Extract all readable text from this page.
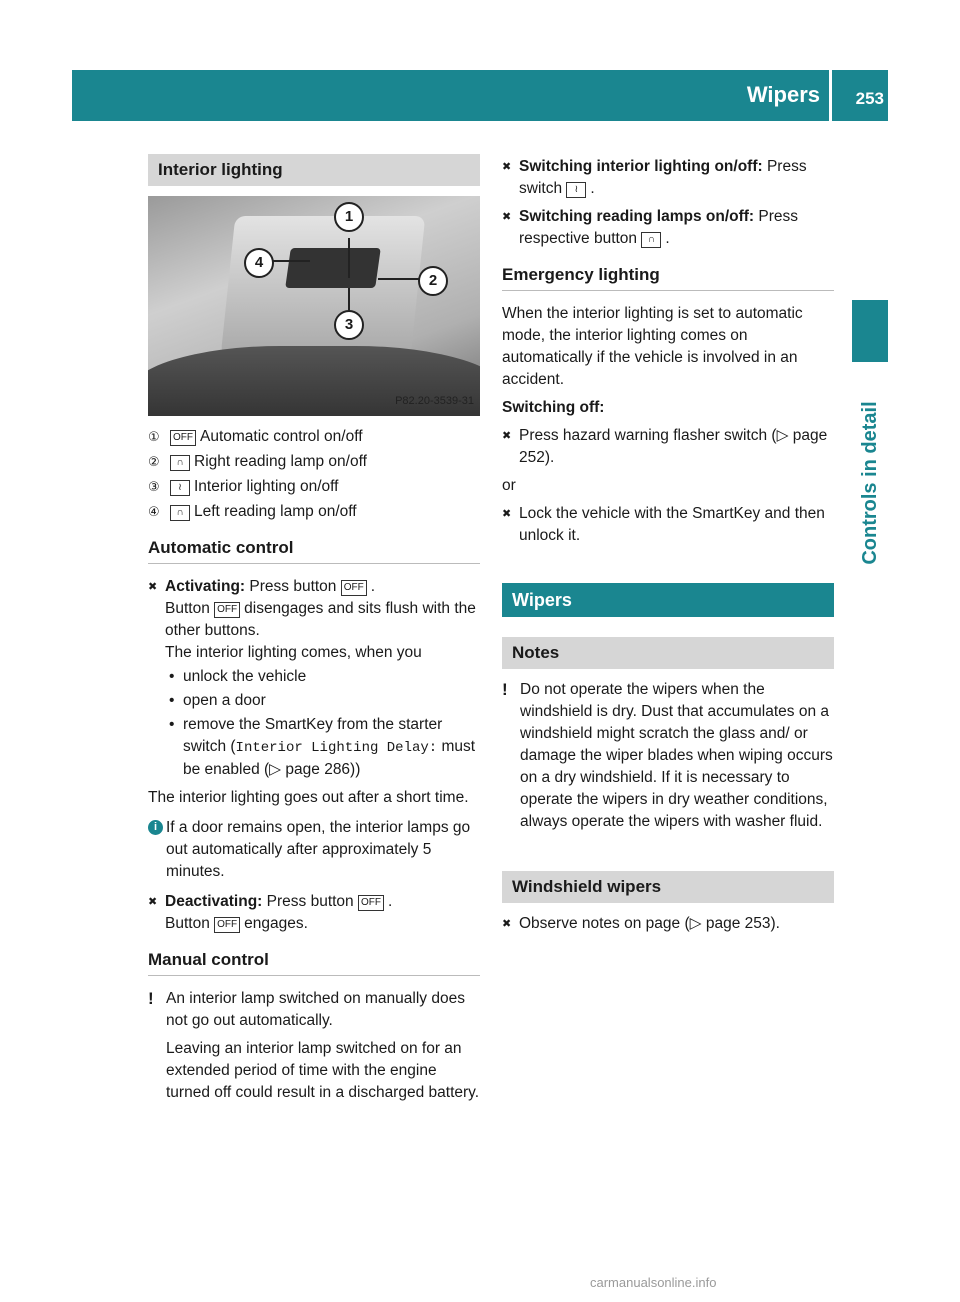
Wipers 253
Controls in detail
Interior lighting
1
2
3
4
P82.20-3539-31
① OFF Automatic control on/off
② ∩ Right reading lamp on/off
③ ≀ Interior lighting on/off
④ ∩ Left reading lamp on/off
Automatic control
✖ Activating: Press button OFF .
Button OFF disengages and sits flush with the other buttons.
The interior lighting comes, when you
• unlock the vehicle
• open a door
• remove the SmartKey from the starter switch (Interior Lighting Delay: must be enabled (▷ page 286))

The interior lighting goes out after a short time.

i If a door remains open, the interior lamps go out automatically after approximately 5 minutes.
✖ Deactivating: Press button OFF .
Button OFF engages.
Manual control
! An interior lamp switched on manually does not go out automatically.

Leaving an interior lamp switched on for an extended period of time with the engine turned off could result in a discharged battery.

✖ Switching interior lighting on/off: Press switch ≀ .
✖ Switching reading lamps on/off: Press respective button ∩ .
Emergency lighting

When the interior lighting is set to automatic mode, the interior lighting comes on automatically if the vehicle is involved in an accident.

Switching off:

✖ Press hazard warning flasher switch (▷ page 252).

or

✖ Lock the vehicle with the SmartKey and then unlock it.
Wipers
Notes
! Do not operate the wipers when the windshield is dry. Dust that accumulates on a windshield might scratch the glass and/ or damage the wiper blades when wiping occurs on a dry windshield. If it is necessary to operate the wipers in dry weather conditions, always operate the wipers with washer fluid.
Windshield wipers
✖ Observe notes on page (▷ page 253).
carmanualsonline.info
